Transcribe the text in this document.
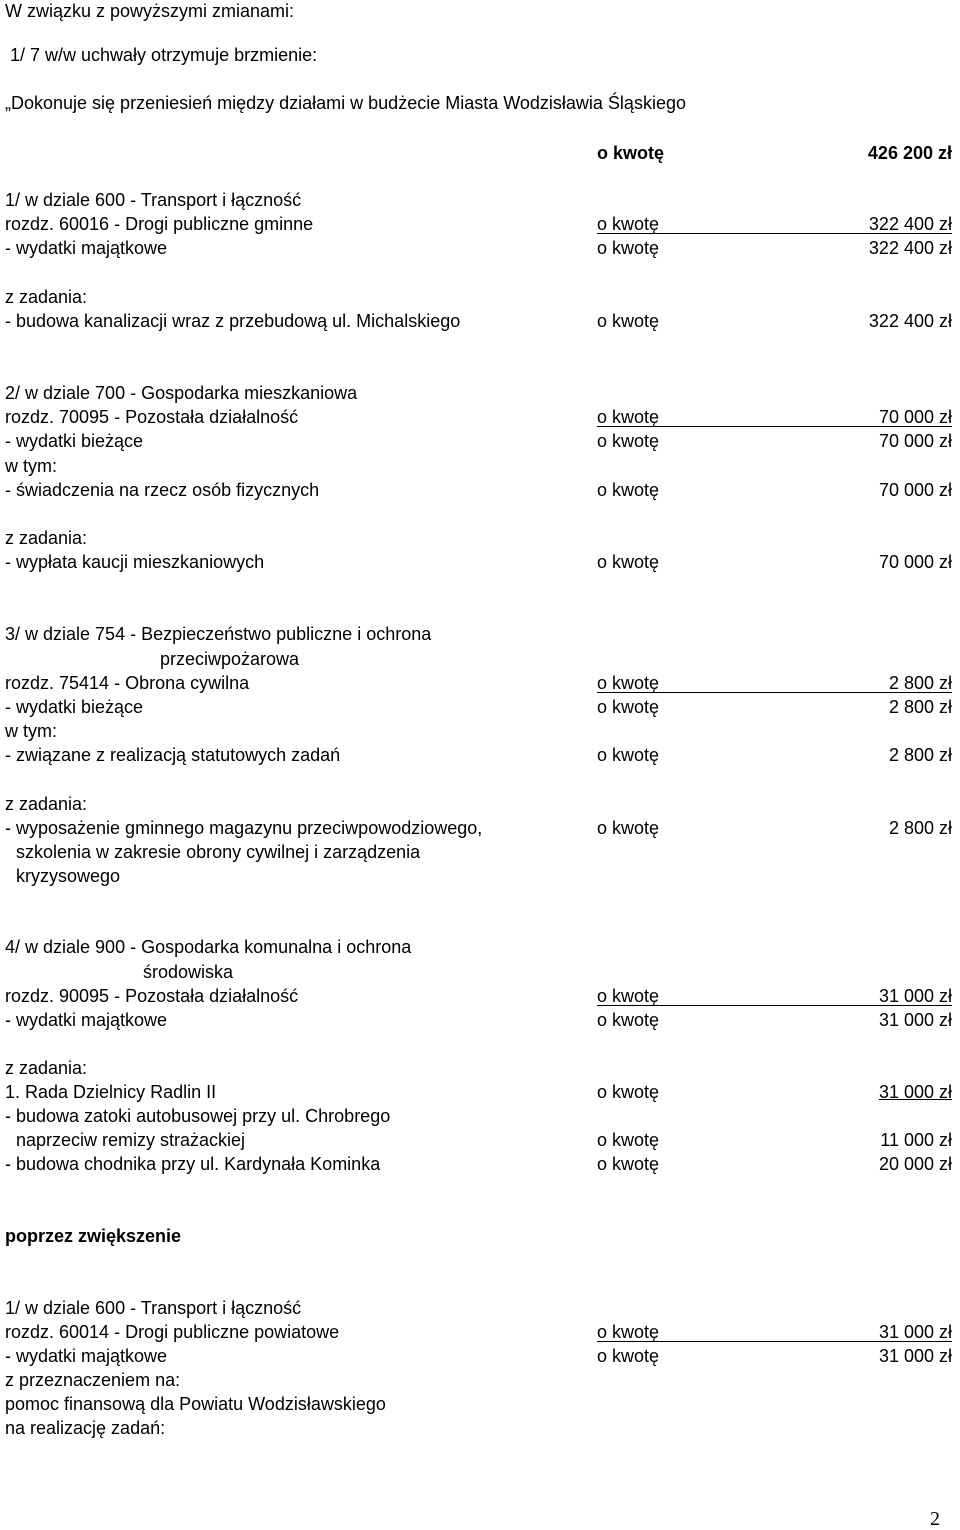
W związku z powyższymi zmianami:
1/ 7 w/w uchwały otrzymuje brzmienie:
„Dokonuje się przeniesień między działami w budżecie Miasta Wodzisławia Śląskiego
o kwotę	426 200 zł
1/ w dziale 600 - Transport i łączność
rozdz. 60016 - Drogi publiczne gminne	o kwotę	322 400 zł
- wydatki majątkowe	o kwotę	322 400 zł
z zadania:
- budowa kanalizacji wraz z przebudową ul. Michalskiego	o kwotę	322 400 zł
2/ w dziale 700 - Gospodarka mieszkaniowa
rozdz. 70095 - Pozostała działalność	o kwotę	70 000 zł
- wydatki bieżące	o kwotę	70 000 zł
w tym:
- świadczenia na rzecz osób fizycznych	o kwotę	70 000 zł
z zadania:
- wypłata kaucji mieszkaniowych	o kwotę	70 000 zł
3/ w dziale 754 - Bezpieczeństwo publiczne i ochrona
przeciwpożarowa
rozdz. 75414 - Obrona cywilna	o kwotę	2 800 zł
- wydatki bieżące	o kwotę	2 800 zł
w tym:
- związane z realizacją statutowych zadań	o kwotę	2 800 zł
z zadania:
- wyposażenie gminnego magazynu przeciwpowodziowego,	o kwotę	2 800 zł
szkolenia w zakresie obrony cywilnej i zarządzenia
kryzysowego
4/ w dziale 900 - Gospodarka komunalna i ochrona
środowiska
rozdz. 90095 - Pozostała działalność	o kwotę	31 000 zł
- wydatki majątkowe	o kwotę	31 000 zł
z zadania:
1. Rada Dzielnicy Radlin II	o kwotę	31 000 zł
- budowa zatoki autobusowej przy ul. Chrobrego
naprzeciw remizy strażackiej	o kwotę	11 000 zł
- budowa chodnika przy ul. Kardynała Kominka	o kwotę	20 000 zł
poprzez zwiększenie
1/ w dziale 600 - Transport i łączność
rozdz. 60014 - Drogi publiczne powiatowe	o kwotę	31 000 zł
- wydatki majątkowe	o kwotę	31 000 zł
z przeznaczeniem na:
pomoc finansową dla Powiatu Wodzisławskiego
na realizację zadań:
2
